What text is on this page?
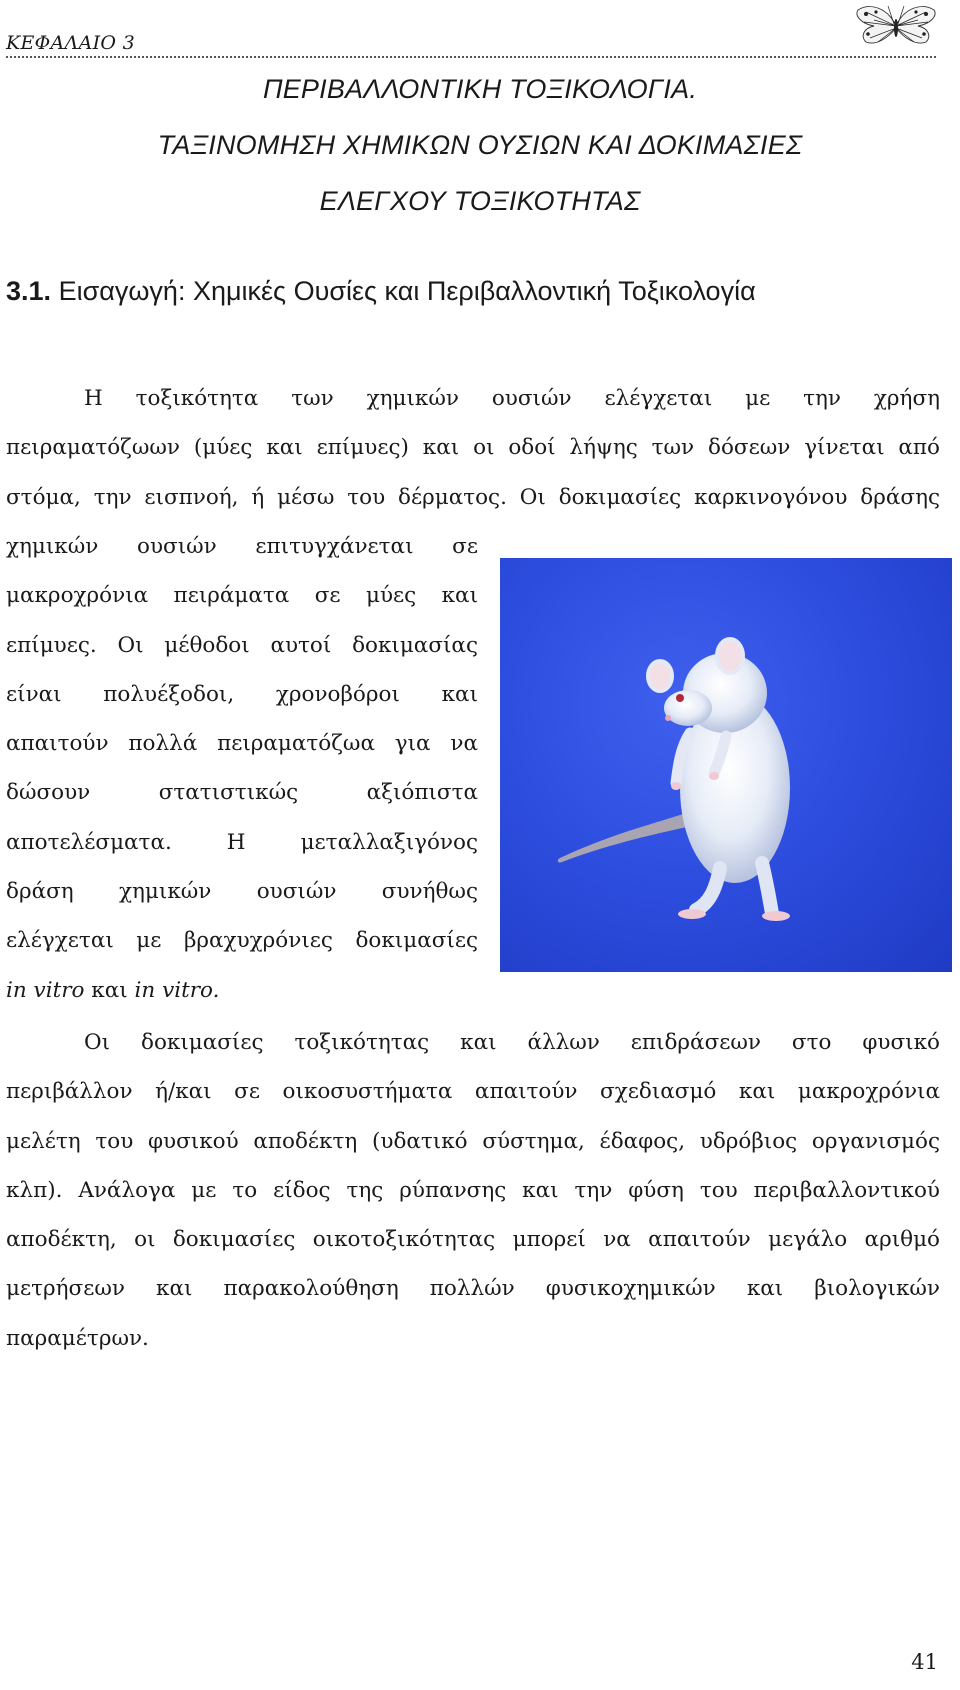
ΚΕΦΑΛΑΙΟ 3
ΠΕΡΙΒΑΛΛΟΝΤΙΚΗ ΤΟΞΙΚΟΛΟΓΙΑ.
ΤΑΞΙΝΟΜΗΣΗ ΧΗΜΙΚΩΝ ΟΥΣΙΩΝ ΚΑΙ ΔΟΚΙΜΑΣΙΕΣ
ΕΛΕΓΧΟΥ ΤΟΞΙΚΟΤΗΤΑΣ
3.1. Εισαγωγή: Χημικές Ουσίες και Περιβαλλοντική Τοξικολογία
Η τοξικότητα των χημικών ουσιών ελέγχεται με την χρήση
πειραματόζωων (μύες και επίμυες) και οι οδοί λήψης των δόσεων γίνεται από
στόμα, την εισπνοή, ή μέσω του δέρματος. Οι δοκιμασίες καρκινογόνου δράσης
χημικών ουσιών επιτυγχάνεται σε
μακροχρόνια πειράματα σε μύες και
επίμυες. Οι μέθοδοι αυτοί δοκιμασίας
είναι πολυέξοδοι, χρονοβόροι και
απαιτούν πολλά πειραματόζωα για να
δώσουν στατιστικώς αξιόπιστα
αποτελέσματα. Η μεταλλαξιγόνος
δράση χημικών ουσιών συνήθως
ελέγχεται με βραχυχρόνιες δοκιμασίες
in vitro και in vitro.
Οι δοκιμασίες τοξικότητας και άλλων επιδράσεων στο φυσικό
περιβάλλον ή/και σε οικοσυστήματα απαιτούν σχεδιασμό και μακροχρόνια
μελέτη του φυσικού αποδέκτη (υδατικό σύστημα, έδαφος, υδρόβιος οργανισμός
κλπ). Ανάλογα με το είδος της ρύπανσης και την φύση του περιβαλλοντικού
αποδέκτη, οι δοκιμασίες οικοτοξικότητας μπορεί να απαιτούν μεγάλο αριθμό
μετρήσεων και παρακολούθηση πολλών φυσικοχημικών και βιολογικών
παραμέτρων.
41
